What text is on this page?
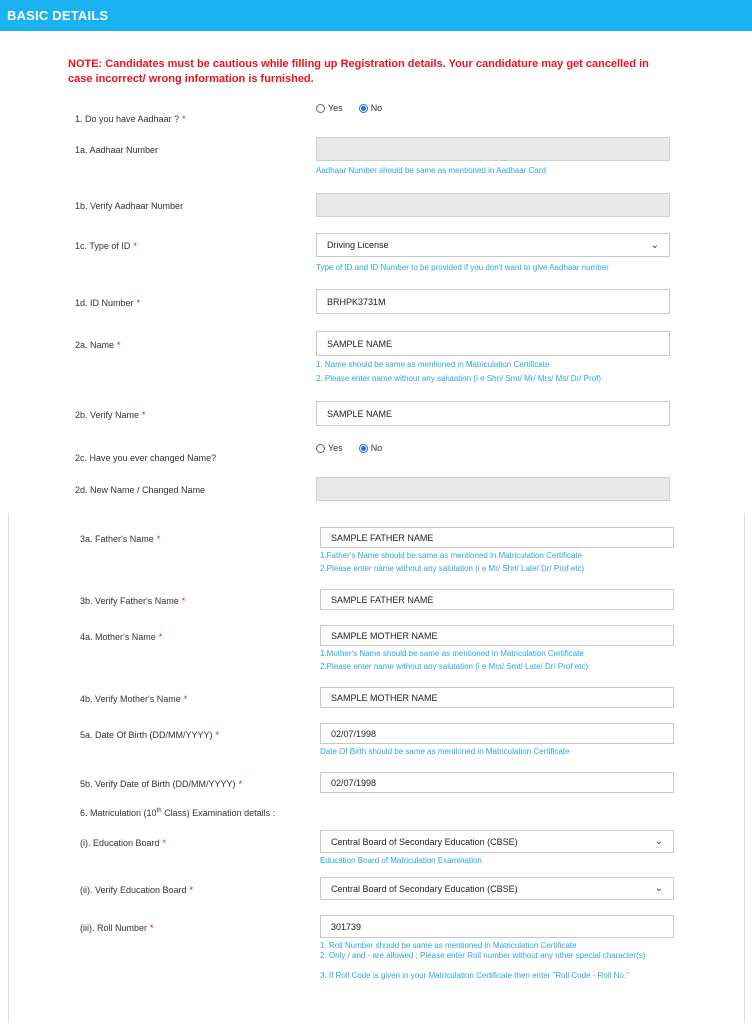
BASIC DETAILS
NOTE: Candidates must be cautious while filling up Registration details. Your candidature may get cancelled in case incorrect/ wrong information is furnished.
1. Do you have Aadhaar ? *
Yes	No
1a. Aadhaar Number
Aadhaar Number should be same as mentioned in Aadhaar Card
1b. Verify Aadhaar Number
1c. Type of ID *	Driving License	⌄
Type of ID and ID Number to be provided if you don't want to give Aadhaar number
1d. ID Number *	BRHPK3731M
2a. Name *	SAMPLE NAME
1. Name should be same as mentioned in Matriculation Certificate
2. Please enter name without any salutation (i e Shri/ Smt/ Mr/ Mrs/ Ms/ Dr/ Prof)
2b. Verify Name *	SAMPLE NAME
2c. Have you ever changed Name?
Yes	No
2d. New Name / Changed Name
3a. Father's Name *	SAMPLE FATHER NAME
1.Father's Name should be same as mentioned in Matriculation Certificate
2.Please enter name without any salutation (i e Mr/ Shri/ Late/ Dr/ Prof etc)
3b. Verify Father's Name *	SAMPLE FATHER NAME
4a. Mother's Name *	SAMPLE MOTHER NAME
1.Mother's Name should be same as mentioned in Matriculation Certificate
2.Please enter name without any salutation (i e Mrs/ Smt/ Late/ Dr/ Prof etc)
4b. Verify Mother's Name *	SAMPLE MOTHER NAME
5a. Date Of Birth (DD/MM/YYYY) *	02/07/1998
Date Of Birth should be same as mentioned in Matriculation Certificate
5b. Verify Date of Birth (DD/MM/YYYY) *	02/07/1998
6. Matriculation (10th Class) Examination details :
(i). Education Board *	Central Board of Secondary Education (CBSE)	⌄
Education Board of Matriculation Examination
(ii). Verify Education Board *	Central Board of Secondary Education (CBSE)	⌄
(iii). Roll Number *	301739
1. Roll Number should be same as mentioned in Matriculation Certificate
2. Only / and - are allowed ; Please enter Roll number without any other special character(s)
3. If Roll Code is given in your Matriculation Certificate then enter "Roll Code - Roll No."
